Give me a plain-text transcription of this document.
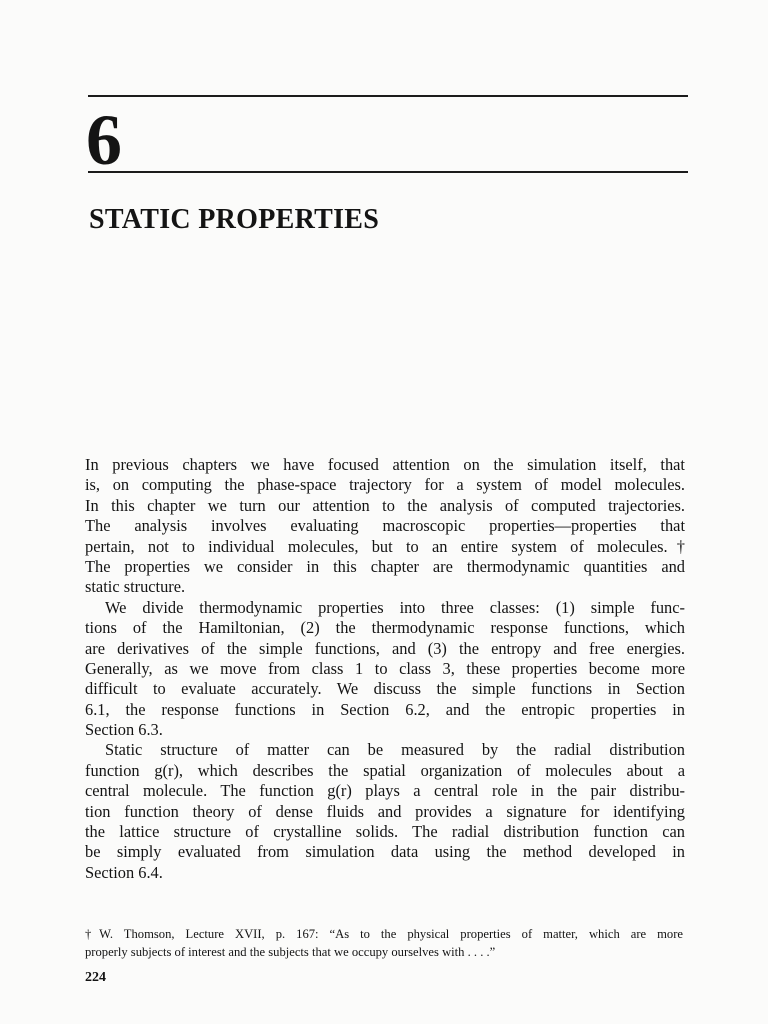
6
STATIC PROPERTIES
In previous chapters we have focused attention on the simulation itself, that
is, on computing the phase-space trajectory for a system of model molecules.
In this chapter we turn our attention to the analysis of computed trajectories.
The analysis involves evaluating macroscopic properties—properties that
pertain, not to individual molecules, but to an entire system of molecules.†
The properties we consider in this chapter are thermodynamic quantities and
static structure.
We divide thermodynamic properties into three classes: (1) simple func-
tions of the Hamiltonian, (2) the thermodynamic response functions, which
are derivatives of the simple functions, and (3) the entropy and free energies.
Generally, as we move from class 1 to class 3, these properties become more
difficult to evaluate accurately. We discuss the simple functions in Section
6.1, the response functions in Section 6.2, and the entropic properties in
Section 6.3.
Static structure of matter can be measured by the radial distribution
function g(r), which describes the spatial organization of molecules about a
central molecule. The function g(r) plays a central role in the pair distribu-
tion function theory of dense fluids and provides a signature for identifying
the lattice structure of crystalline solids. The radial distribution function can
be simply evaluated from simulation data using the method developed in
Section 6.4.
†W. Thomson, Lecture XVII, p. 167: “As to the physical properties of matter, which are more
properly subjects of interest and the subjects that we occupy ourselves with . . . .”
224
